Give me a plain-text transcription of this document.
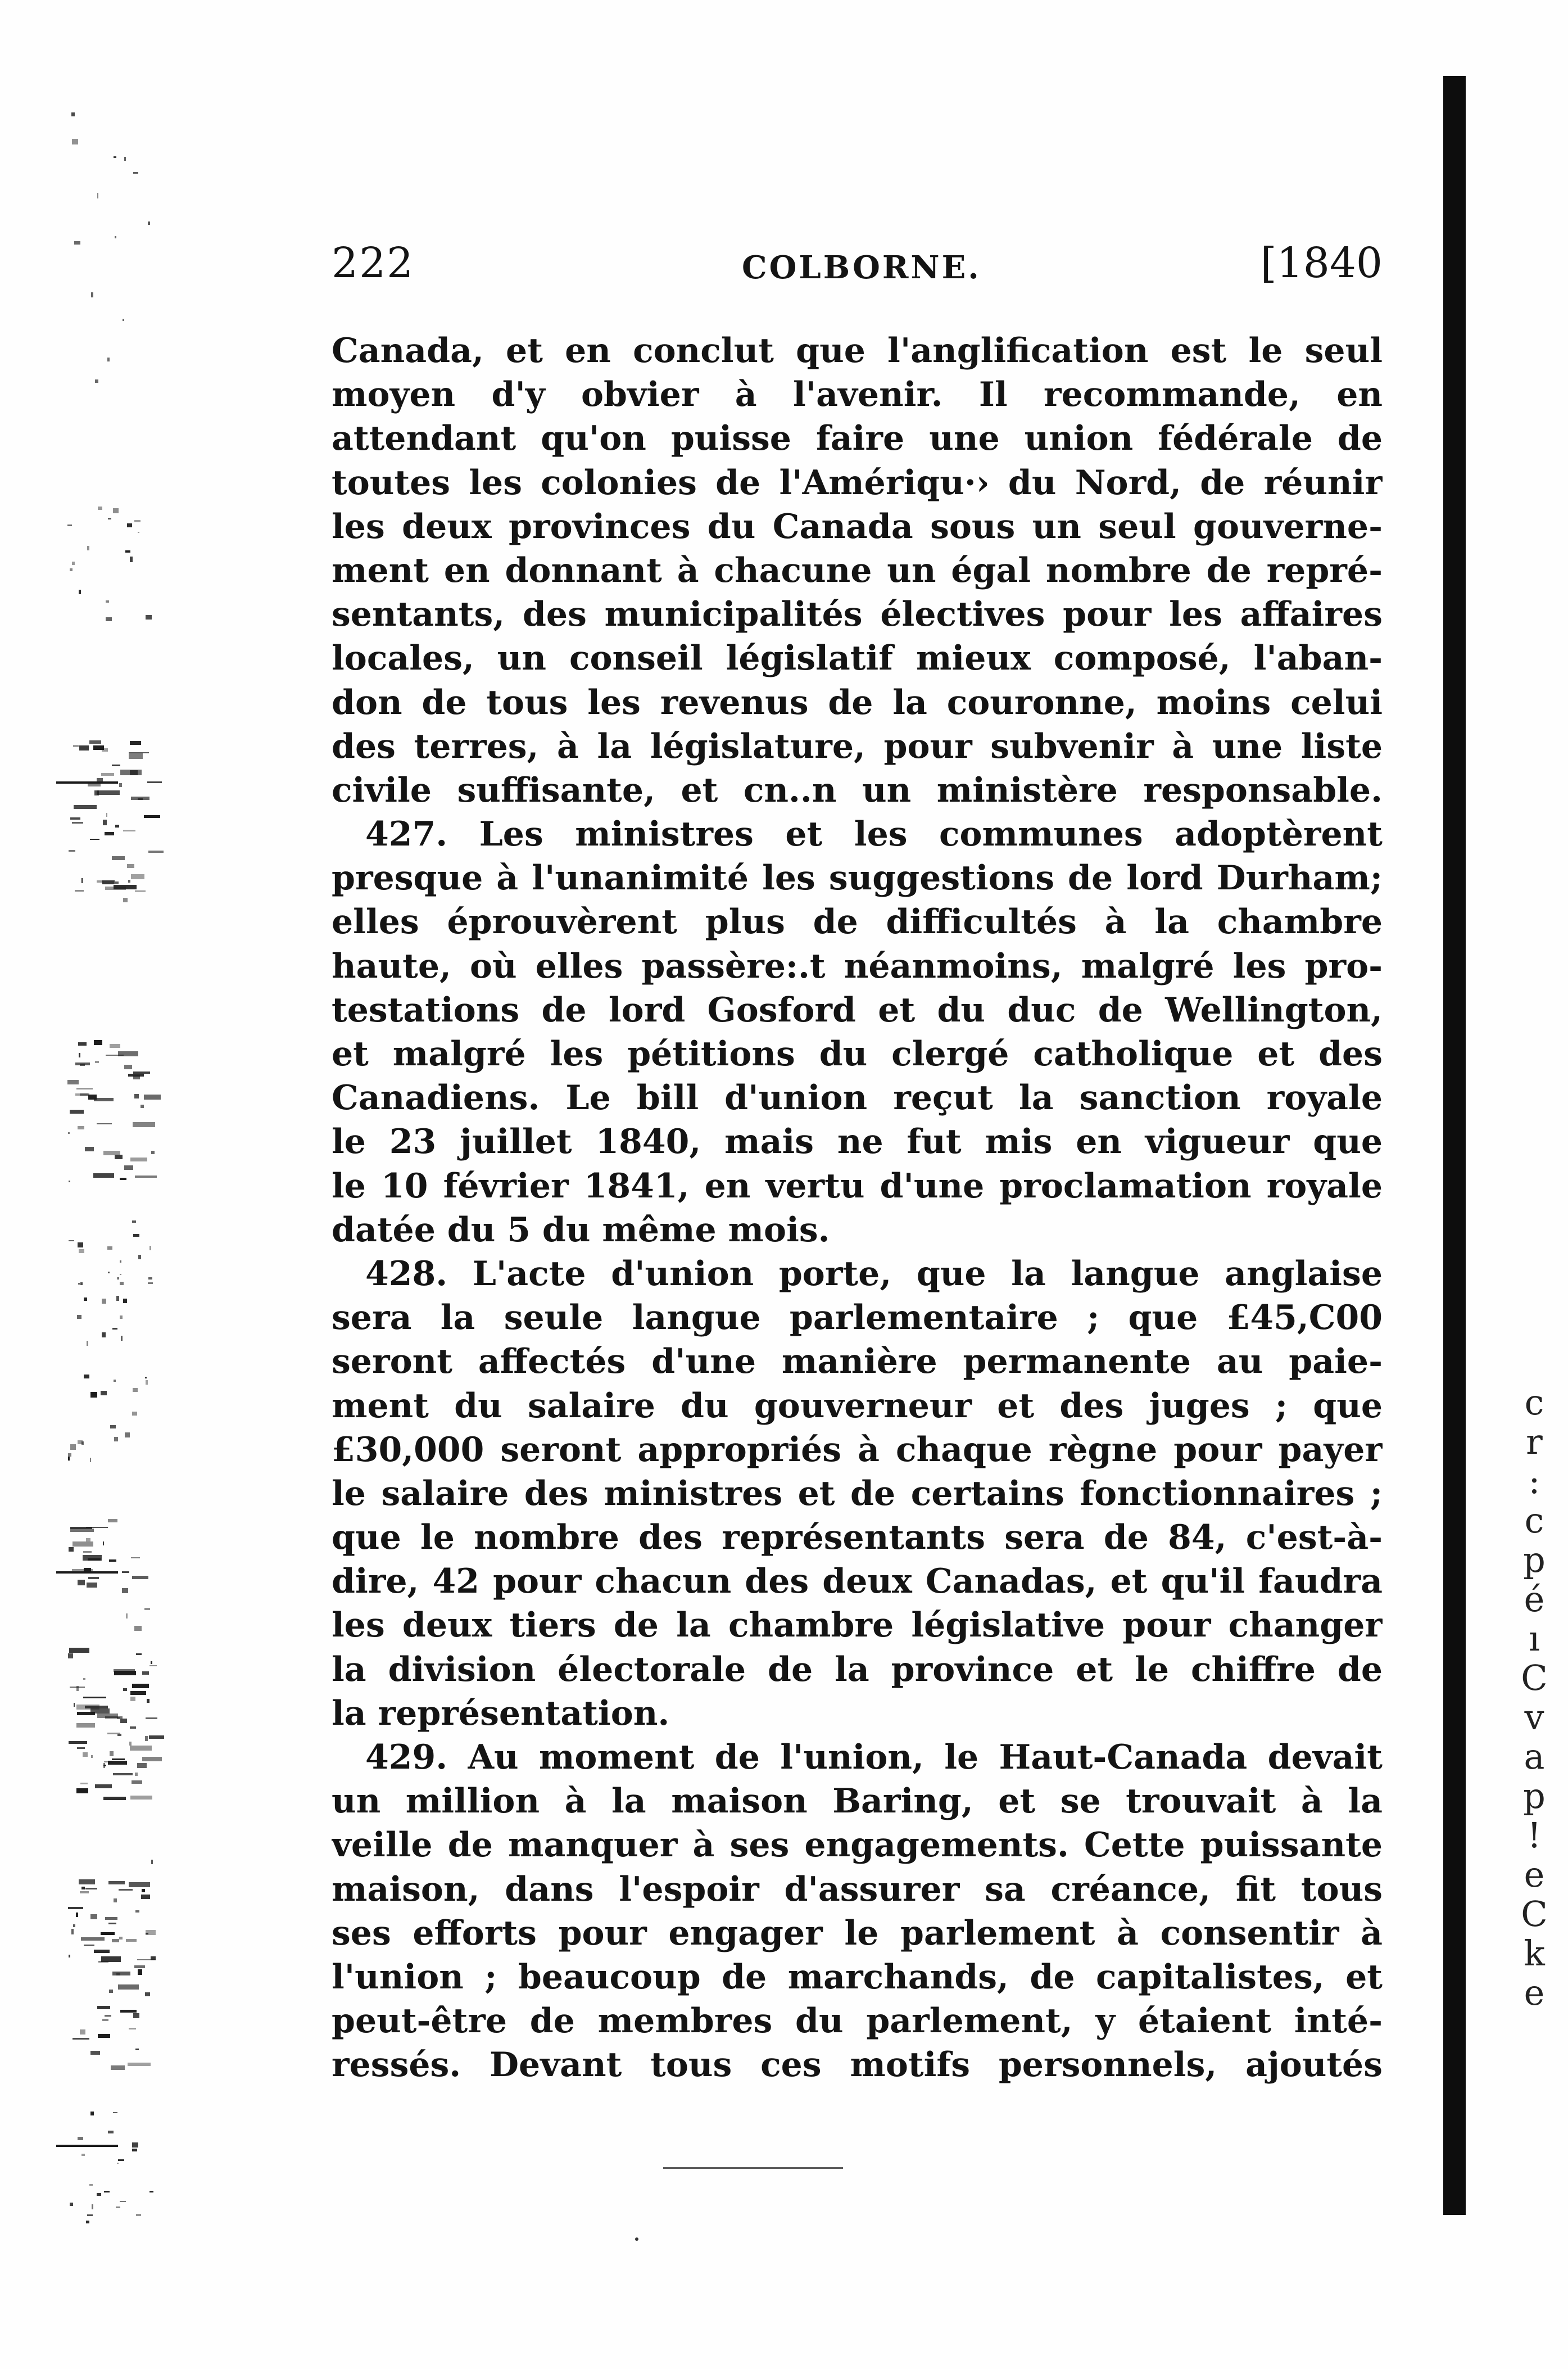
c
r
:
c
p
é
ı
C
v
a
p
!
e
C
k
e
222	COLBORNE.	[1840
Canada, et en conclut que l'anglification est le seul
moyen d'y obvier à l'avenir. Il recommande, en
attendant qu'on puisse faire une union fédérale de
toutes les colonies de l'Amériqu·› du Nord, de réunir
les deux provinces du Canada sous un seul gouverne-
ment en donnant à chacune un égal nombre de repré-
sentants, des municipalités électives pour les affaires
locales, un conseil législatif mieux composé, l'aban-
don de tous les revenus de la couronne, moins celui
des terres, à la législature, pour subvenir à une liste
civile suffisante, et cn..n un ministère responsable.
427. Les ministres et les communes adoptèrent
presque à l'unanimité les suggestions de lord Durham;
elles éprouvèrent plus de difficultés à la chambre
haute, où elles passère:.t néanmoins, malgré les pro-
testations de lord Gosford et du duc de Wellington,
et malgré les pétitions du clergé catholique et des
Canadiens. Le bill d'union reçut la sanction royale
le 23 juillet 1840, mais ne fut mis en vigueur que
le 10 février 1841, en vertu d'une proclamation royale
datée du 5 du même mois.
428. L'acte d'union porte, que la langue anglaise
sera la seule langue parlementaire ; que £45,C00
seront affectés d'une manière permanente au paie-
ment du salaire du gouverneur et des juges ; que
£30,000 seront appropriés à chaque règne pour payer
le salaire des ministres et de certains fonctionnaires ;
que le nombre des représentants sera de 84, c'est-à-
dire, 42 pour chacun des deux Canadas, et qu'il faudra
les deux tiers de la chambre législative pour changer
la division électorale de la province et le chiffre de
la représentation.
429. Au moment de l'union, le Haut-Canada devait
un million à la maison Baring, et se trouvait à la
veille de manquer à ses engagements. Cette puissante
maison, dans l'espoir d'assurer sa créance, fit tous
ses efforts pour engager le parlement à consentir à
l'union ; beaucoup de marchands, de capitalistes, et
peut-être de membres du parlement, y étaient inté-
ressés. Devant tous ces motifs personnels, ajoutés
